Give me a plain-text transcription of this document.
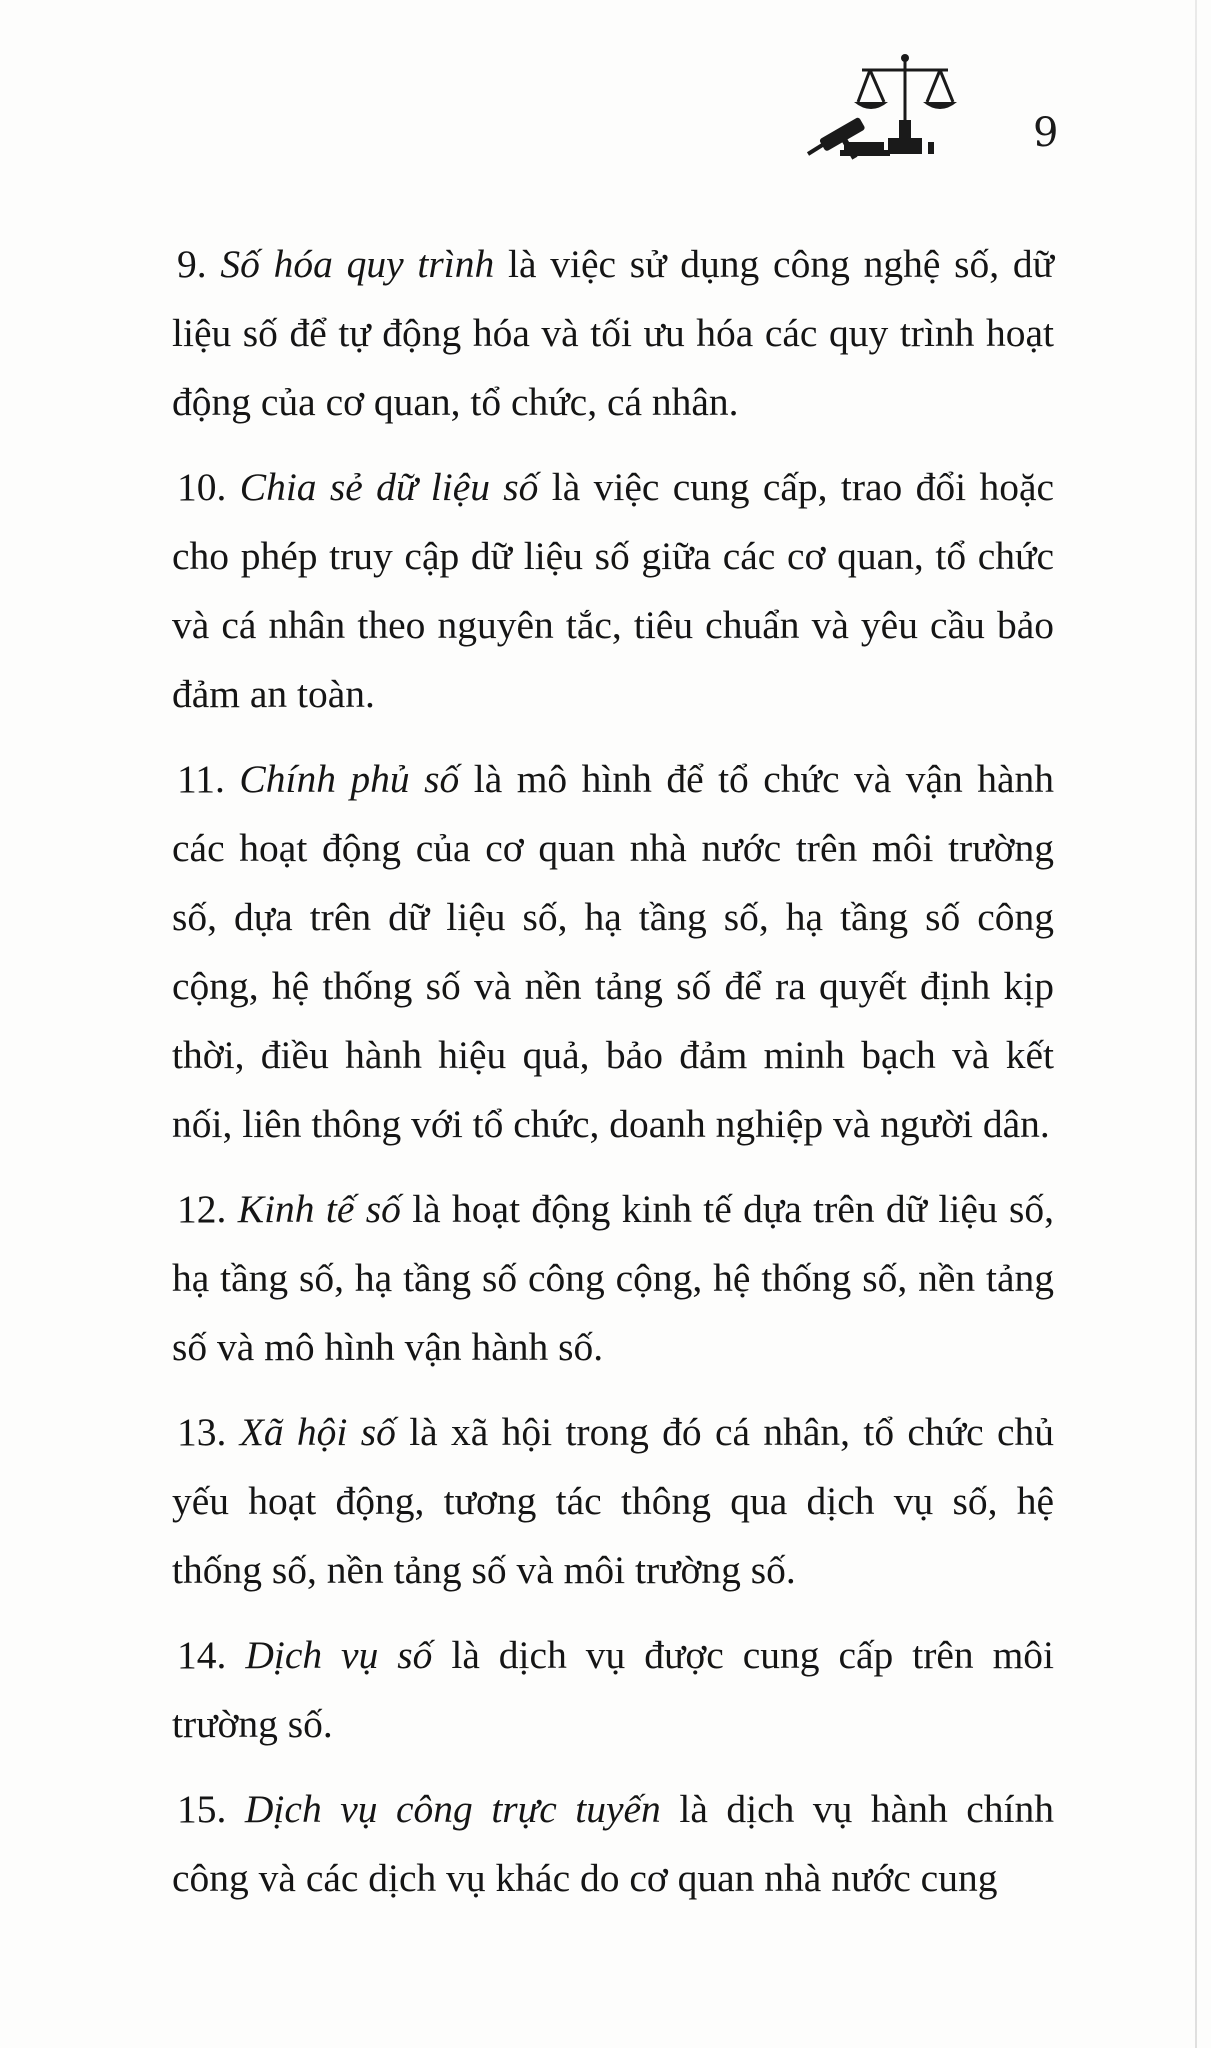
9

9. Số hóa quy trình là việc sử dụng công nghệ số, dữ liệu số để tự động hóa và tối ưu hóa các quy trình hoạt động của cơ quan, tổ chức, cá nhân.

10. Chia sẻ dữ liệu số là việc cung cấp, trao đổi hoặc cho phép truy cập dữ liệu số giữa các cơ quan, tổ chức và cá nhân theo nguyên tắc, tiêu chuẩn và yêu cầu bảo đảm an toàn.

11. Chính phủ số là mô hình để tổ chức và vận hành các hoạt động của cơ quan nhà nước trên môi trường số, dựa trên dữ liệu số, hạ tầng số, hạ tầng số công cộng, hệ thống số và nền tảng số để ra quyết định kịp thời, điều hành hiệu quả, bảo đảm minh bạch và kết nối, liên thông với tổ chức, doanh nghiệp và người dân.

12. Kinh tế số là hoạt động kinh tế dựa trên dữ liệu số, hạ tầng số, hạ tầng số công cộng, hệ thống số, nền tảng số và mô hình vận hành số.

13. Xã hội số là xã hội trong đó cá nhân, tổ chức chủ yếu hoạt động, tương tác thông qua dịch vụ số, hệ thống số, nền tảng số và môi trường số.

14. Dịch vụ số là dịch vụ được cung cấp trên môi trường số.

15. Dịch vụ công trực tuyến là dịch vụ hành chính công và các dịch vụ khác do cơ quan nhà nước cung
